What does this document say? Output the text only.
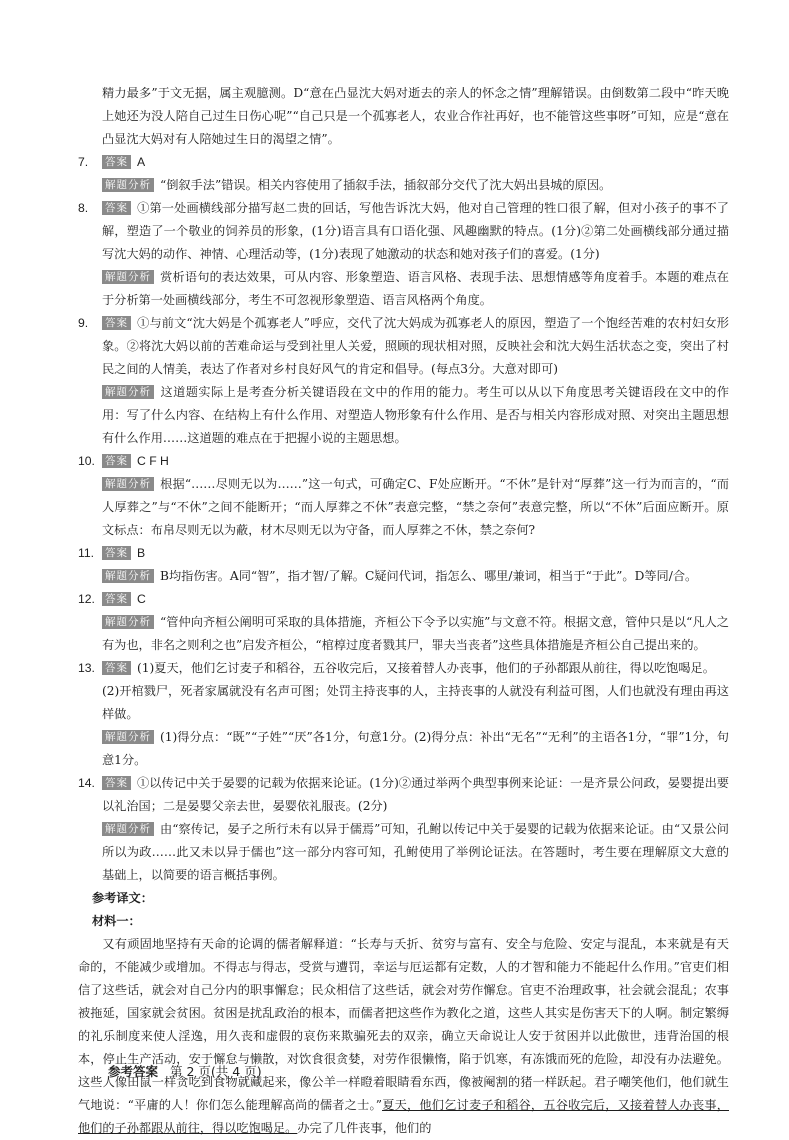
精力最多”于文无据，属主观臆测。D“意在凸显沈大妈对逝去的亲人的怀念之情”理解错误。由倒数第二段中“昨天晚上她还为没人陪自己过生日伤心呢”“自己只是一个孤寡老人，农业合作社再好，也不能管这些事呀”可知，应是“意在凸显沈大妈对有人陪她过生日的渴望之情”。

7.	答案 A

解题分析 “倒叙手法”错误。相关内容使用了插叙手法，插叙部分交代了沈大妈出县城的原因。

8.	答案 ①第一处画横线部分描写赵二贵的回话，写他告诉沈大妈，他对自己管理的牲口很了解，但对小孩子的事不了解，塑造了一个敬业的饲养员的形象，(1分)语言具有口语化强、风趣幽默的特点。(1分)②第二处画横线部分通过描写沈大妈的动作、神情、心理活动等，(1分)表现了她激动的状态和她对孩子们的喜爱。(1分)

解题分析 赏析语句的表达效果，可从内容、形象塑造、语言风格、表现手法、思想情感等角度着手。本题的难点在于分析第一处画横线部分，考生不可忽视形象塑造、语言风格两个角度。

9.	答案 ①与前文“沈大妈是个孤寡老人”呼应，交代了沈大妈成为孤寡老人的原因，塑造了一个饱经苦难的农村妇女形象。②将沈大妈以前的苦难命运与受到社里人关爱，照顾的现状相对照，反映社会和沈大妈生活状态之变，突出了村民之间的人情美，表达了作者对乡村良好风气的肯定和倡导。(每点3分。大意对即可)

解题分析 这道题实际上是考查分析关键语段在文中的作用的能力。考生可以从以下角度思考关键语段在文中的作用：写了什么内容、在结构上有什么作用、对塑造人物形象有什么作用、是否与相关内容形成对照、对突出主题思想有什么作用……这道题的难点在于把握小说的主题思想。

10. 答案 C F H

解题分析 根据“……尽则无以为……”这一句式，可确定C、F处应断开。“不休”是针对“厚葬”这一行为而言的，“而人厚葬之”与“不休”之间不能断开；“而人厚葬之不休”表意完整，“禁之奈何”表意完整，所以“不休”后面应断开。原文标点：布帛尽则无以为蔽，材木尽则无以为守备，而人厚葬之不休，禁之奈何?

11.	答案 B

解题分析 B均指伤害。A同“智”，指才智/了解。C疑问代词，指怎么、哪里/兼词，相当于“于此”。D等同/合。

12. 答案 C

解题分析 “管仲向齐桓公阐明可采取的具体措施，齐桓公下令予以实施”与文意不符。根据文意，管仲只是以“凡人之有为也，非名之则利之也”启发齐桓公，“棺椁过度者戮其尸，罪夫当丧者”这些具体措施是齐桓公自己提出来的。

13. 答案 (1)夏天，他们乞讨麦子和稻谷，五谷收完后，又接着替人办丧事，他们的子孙都跟从前往，得以吃饱喝足。

(2)开棺戮尸，死者家属就没有名声可图；处罚主持丧事的人，主持丧事的人就没有利益可图，人们也就没有理由再这样做。

解题分析 (1)得分点：“既”“子姓”“厌”各1分，句意1分。(2)得分点：补出“无名”“无利”的主语各1分，“罪”1分，句意1分。

14. 答案 ①以传记中关于晏婴的记载为依据来论证。(1分)②通过举两个典型事例来论证：一是齐景公问政，晏婴提出要以礼治国；二是晏婴父亲去世，晏婴依礼服丧。(2分)

解题分析 由“察传记，晏子之所行未有以异于儒焉”可知，孔鲋以传记中关于晏婴的记载为依据来论证。由“又景公问所以为政……此又未以异于儒也”这一部分内容可知，孔鲋使用了举例论证法。在答题时，考生要在理解原文大意的基础上，以简要的语言概括事例。

参考译文：

材料一：

又有顽固地坚持有天命的论调的儒者解释道：“长寿与夭折、贫穷与富有、安全与危险、安定与混乱，本来就是有天命的，不能减少或增加。不得志与得志，受赏与遭罚，幸运与厄运都有定数，人的才智和能力不能起什么作用。”官吏们相信了这些话，就会对自己分内的职事懈怠；民众相信了这些话，就会对劳作懈怠。官吏不治理政事，社会就会混乱；农事被拖延，国家就会贫困。贫困是扰乱政治的根本，而儒者把这些作为教化之道，这些人其实是伤害天下的人啊。制定繁缛的礼乐制度来使人淫逸，用久丧和虚假的哀伤来欺骗死去的双亲，确立天命说让人安于贫困并以此傲世，违背治国的根本，停止生产活动，安于懈怠与懒散，对饮食很贪婪，对劳作很懒惰，陷于饥寒，有冻饿而死的危险，却没有办法避免。这些人像田鼠一样贪吃到食物就藏起来，像公羊一样瞪着眼睛看东西，像被阉割的猪一样跃起。君子嘲笑他们，他们就生气地说：“平庸的人！你们怎么能理解高尚的儒者之士。”夏天，他们乞讨麦子和稻谷，五谷收完后，又接着替人办丧事，他们的子孙都跟从前往，得以吃饱喝足。办完了几件丧事，他们的

参考答案 第 2 页(共 4 页)
